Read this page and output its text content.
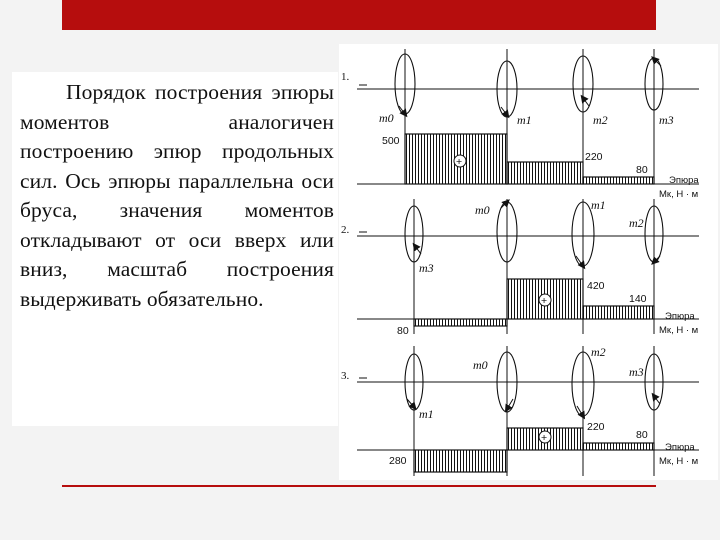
Порядок построения эпюры моментов аналогичен построению эпюр продольных сил. Ось эпюры параллельна оси бруса, значения моментов откладывают от оси вверх или вниз, масштаб построения выдерживать обязательно.

1.
m0	m1	m2	m3
+
500
220
80
Эпюра
Mк, Н · м
2.
m3
m0	m1
m2
+
80
420
140
Эпюра
Mк, Н · м
3.
m1
m0
m2
m3
+
280
220
80
Эпюра
Mк, Н · м
